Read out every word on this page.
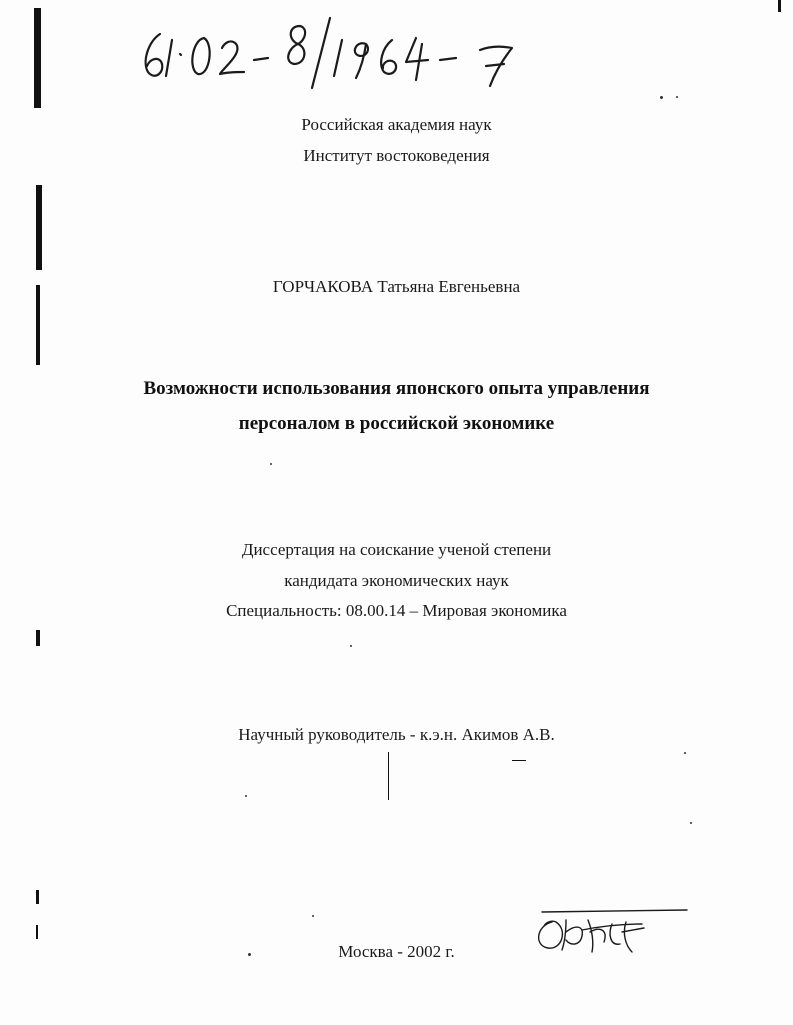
Российская академия наук
Институт востоковедения
ГОРЧАКОВА Татьяна Евгеньевна
Возможности использования японского опыта управления
персоналом в российской экономике
Диссертация на соискание ученой степени
кандидата экономических наук
Специальность: 08.00.14 – Мировая экономика
Научный руководитель - к.э.н. Акимов А.В.
Москва - 2002 г.
